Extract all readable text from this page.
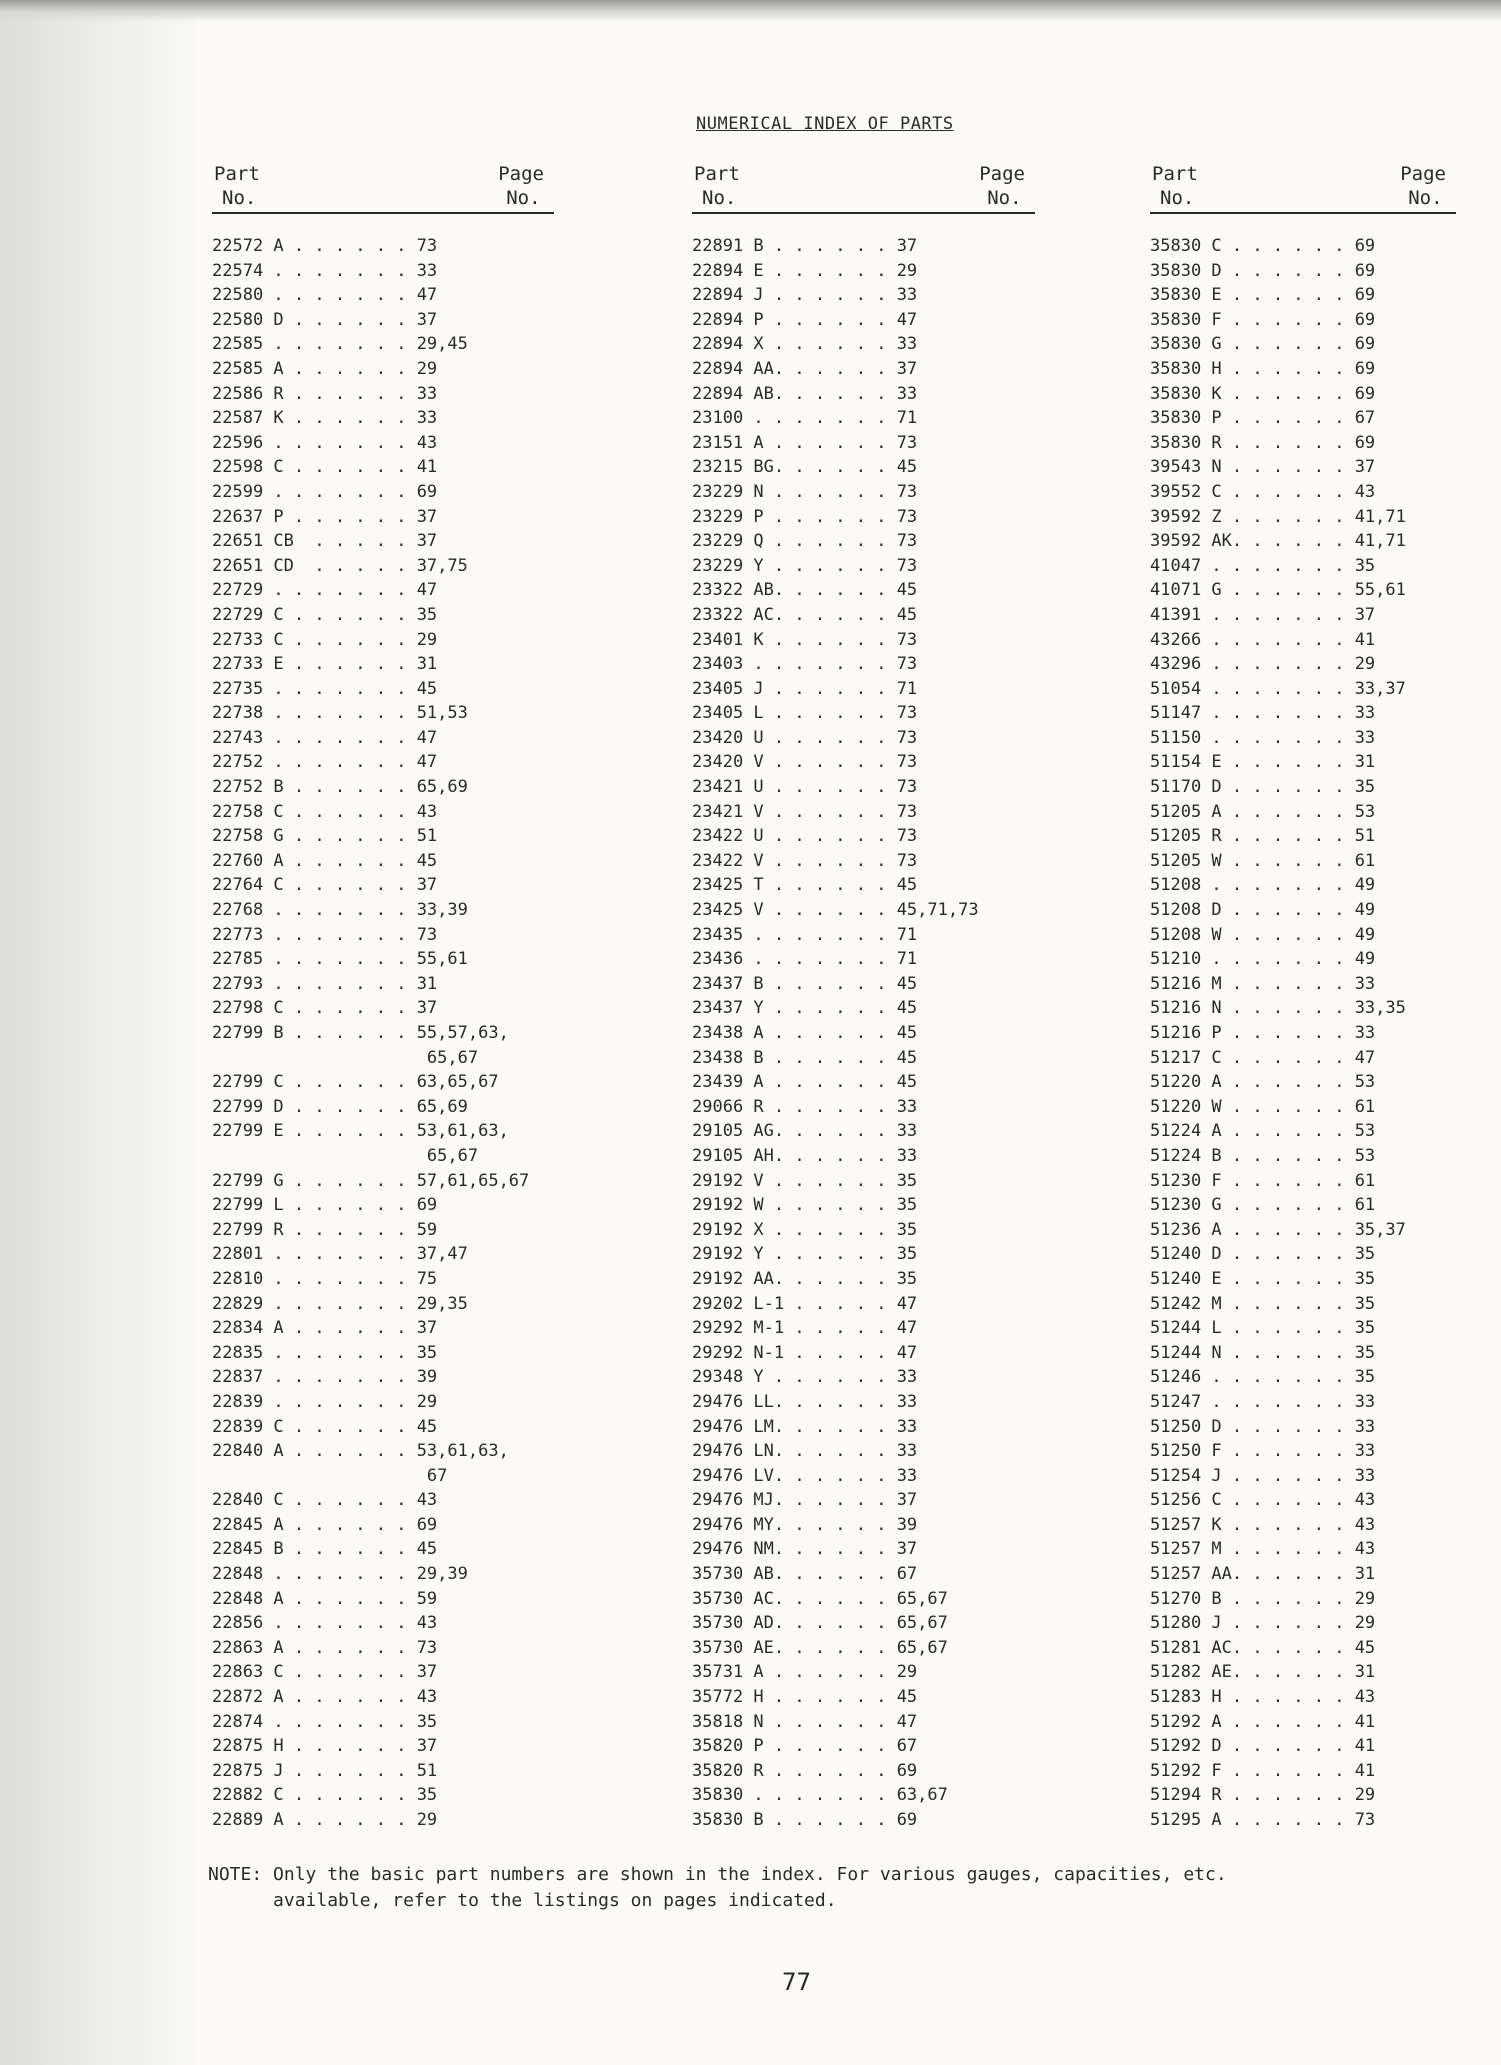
NUMERICAL INDEX OF PARTS
Part
No.
Page
No.
22572 A . . . . . . 73
22574 . . . . . . . 33
22580 . . . . . . . 47
22580 D . . . . . . 37
22585 . . . . . . . 29,45
22585 A . . . . . . 29
22586 R . . . . . . 33
22587 K . . . . . . 33
22596 . . . . . . . 43
22598 C . . . . . . 41
22599 . . . . . . . 69
22637 P . . . . . . 37
22651 CB  . . . . . 37
22651 CD  . . . . . 37,75
22729 . . . . . . . 47
22729 C . . . . . . 35
22733 C . . . . . . 29
22733 E . . . . . . 31
22735 . . . . . . . 45
22738 . . . . . . . 51,53
22743 . . . . . . . 47
22752 . . . . . . . 47
22752 B . . . . . . 65,69
22758 C . . . . . . 43
22758 G . . . . . . 51
22760 A . . . . . . 45
22764 C . . . . . . 37
22768 . . . . . . . 33,39
22773 . . . . . . . 73
22785 . . . . . . . 55,61
22793 . . . . . . . 31
22798 C . . . . . . 37
22799 B . . . . . . 55,57,63,
65,67
22799 C . . . . . . 63,65,67
22799 D . . . . . . 65,69
22799 E . . . . . . 53,61,63,
65,67
22799 G . . . . . . 57,61,65,67
22799 L . . . . . . 69
22799 R . . . . . . 59
22801 . . . . . . . 37,47
22810 . . . . . . . 75
22829 . . . . . . . 29,35
22834 A . . . . . . 37
22835 . . . . . . . 35
22837 . . . . . . . 39
22839 . . . . . . . 29
22839 C . . . . . . 45
22840 A . . . . . . 53,61,63,
67
22840 C . . . . . . 43
22845 A . . . . . . 69
22845 B . . . . . . 45
22848 . . . . . . . 29,39
22848 A . . . . . . 59
22856 . . . . . . . 43
22863 A . . . . . . 73
22863 C . . . . . . 37
22872 A . . . . . . 43
22874 . . . . . . . 35
22875 H . . . . . . 37
22875 J . . . . . . 51
22882 C . . . . . . 35
22889 A . . . . . . 29
Part
No.
Page
No.
22891 B . . . . . . 37
22894 E . . . . . . 29
22894 J . . . . . . 33
22894 P . . . . . . 47
22894 X . . . . . . 33
22894 AA. . . . . . 37
22894 AB. . . . . . 33
23100 . . . . . . . 71
23151 A . . . . . . 73
23215 BG. . . . . . 45
23229 N . . . . . . 73
23229 P . . . . . . 73
23229 Q . . . . . . 73
23229 Y . . . . . . 73
23322 AB. . . . . . 45
23322 AC. . . . . . 45
23401 K . . . . . . 73
23403 . . . . . . . 73
23405 J . . . . . . 71
23405 L . . . . . . 73
23420 U . . . . . . 73
23420 V . . . . . . 73
23421 U . . . . . . 73
23421 V . . . . . . 73
23422 U . . . . . . 73
23422 V . . . . . . 73
23425 T . . . . . . 45
23425 V . . . . . . 45,71,73
23435 . . . . . . . 71
23436 . . . . . . . 71
23437 B . . . . . . 45
23437 Y . . . . . . 45
23438 A . . . . . . 45
23438 B . . . . . . 45
23439 A . . . . . . 45
29066 R . . . . . . 33
29105 AG. . . . . . 33
29105 AH. . . . . . 33
29192 V . . . . . . 35
29192 W . . . . . . 35
29192 X . . . . . . 35
29192 Y . . . . . . 35
29192 AA. . . . . . 35
29202 L-1 . . . . . 47
29292 M-1 . . . . . 47
29292 N-1 . . . . . 47
29348 Y . . . . . . 33
29476 LL. . . . . . 33
29476 LM. . . . . . 33
29476 LN. . . . . . 33
29476 LV. . . . . . 33
29476 MJ. . . . . . 37
29476 MY. . . . . . 39
29476 NM. . . . . . 37
35730 AB. . . . . . 67
35730 AC. . . . . . 65,67
35730 AD. . . . . . 65,67
35730 AE. . . . . . 65,67
35731 A . . . . . . 29
35772 H . . . . . . 45
35818 N . . . . . . 47
35820 P . . . . . . 67
35820 R . . . . . . 69
35830 . . . . . . . 63,67
35830 B . . . . . . 69
Part
No.
Page
No.
35830 C . . . . . . 69
35830 D . . . . . . 69
35830 E . . . . . . 69
35830 F . . . . . . 69
35830 G . . . . . . 69
35830 H . . . . . . 69
35830 K . . . . . . 69
35830 P . . . . . . 67
35830 R . . . . . . 69
39543 N . . . . . . 37
39552 C . . . . . . 43
39592 Z . . . . . . 41,71
39592 AK. . . . . . 41,71
41047 . . . . . . . 35
41071 G . . . . . . 55,61
41391 . . . . . . . 37
43266 . . . . . . . 41
43296 . . . . . . . 29
51054 . . . . . . . 33,37
51147 . . . . . . . 33
51150 . . . . . . . 33
51154 E . . . . . . 31
51170 D . . . . . . 35
51205 A . . . . . . 53
51205 R . . . . . . 51
51205 W . . . . . . 61
51208 . . . . . . . 49
51208 D . . . . . . 49
51208 W . . . . . . 49
51210 . . . . . . . 49
51216 M . . . . . . 33
51216 N . . . . . . 33,35
51216 P . . . . . . 33
51217 C . . . . . . 47
51220 A . . . . . . 53
51220 W . . . . . . 61
51224 A . . . . . . 53
51224 B . . . . . . 53
51230 F . . . . . . 61
51230 G . . . . . . 61
51236 A . . . . . . 35,37
51240 D . . . . . . 35
51240 E . . . . . . 35
51242 M . . . . . . 35
51244 L . . . . . . 35
51244 N . . . . . . 35
51246 . . . . . . . 35
51247 . . . . . . . 33
51250 D . . . . . . 33
51250 F . . . . . . 33
51254 J . . . . . . 33
51256 C . . . . . . 43
51257 K . . . . . . 43
51257 M . . . . . . 43
51257 AA. . . . . . 31
51270 B . . . . . . 29
51280 J . . . . . . 29
51281 AC. . . . . . 45
51282 AE. . . . . . 31
51283 H . . . . . . 43
51292 A . . . . . . 41
51292 D . . . . . . 41
51292 F . . . . . . 41
51294 R . . . . . . 29
51295 A . . . . . . 73
NOTE: Only the basic part numbers are shown in the index. For various gauges, capacities, etc.
available, refer to the listings on pages indicated.
77
